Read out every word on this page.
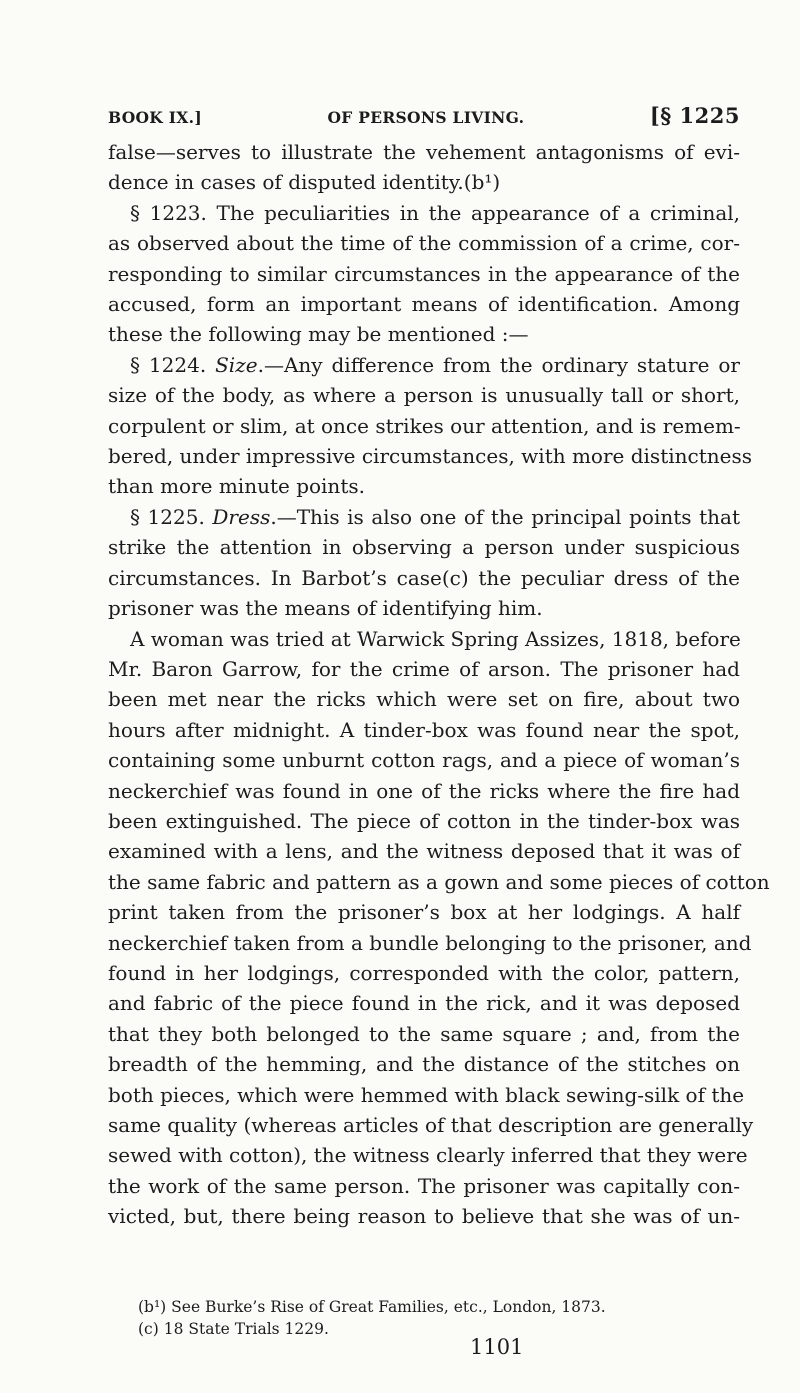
BOOK IX.]	OF PERSONS LIVING.	[§ 1225
false—serves to illustrate the vehement antagonisms of evi-
dence in cases of disputed identity.(b¹)
§ 1223. The peculiarities in the appearance of a criminal,
as observed about the time of the commission of a crime, cor-
responding to similar circumstances in the appearance of the
accused, form an important means of identification. Among
these the following may be mentioned :—
§ 1224. Size.—Any difference from the ordinary stature or
size of the body, as where a person is unusually tall or short,
corpulent or slim, at once strikes our attention, and is remem-
bered, under impressive circumstances, with more distinctness
than more minute points.
§ 1225. Dress.—This is also one of the principal points that
strike the attention in observing a person under suspicious
circumstances. In Barbot’s case(c) the peculiar dress of the
prisoner was the means of identifying him.
A woman was tried at Warwick Spring Assizes, 1818, before
Mr. Baron Garrow, for the crime of arson. The prisoner had
been met near the ricks which were set on fire, about two
hours after midnight. A tinder-box was found near the spot,
containing some unburnt cotton rags, and a piece of woman’s
neckerchief was found in one of the ricks where the fire had
been extinguished. The piece of cotton in the tinder-box was
examined with a lens, and the witness deposed that it was of
the same fabric and pattern as a gown and some pieces of cotton
print taken from the prisoner’s box at her lodgings. A half
neckerchief taken from a bundle belonging to the prisoner, and
found in her lodgings, corresponded with the color, pattern,
and fabric of the piece found in the rick, and it was deposed
that they both belonged to the same square ; and, from the
breadth of the hemming, and the distance of the stitches on
both pieces, which were hemmed with black sewing-silk of the
same quality (whereas articles of that description are generally
sewed with cotton), the witness clearly inferred that they were
the work of the same person. The prisoner was capitally con-
victed, but, there being reason to believe that she was of un-
(b¹) See Burke’s Rise of Great Families, etc., London, 1873.
(c) 18 State Trials 1229.
1101
